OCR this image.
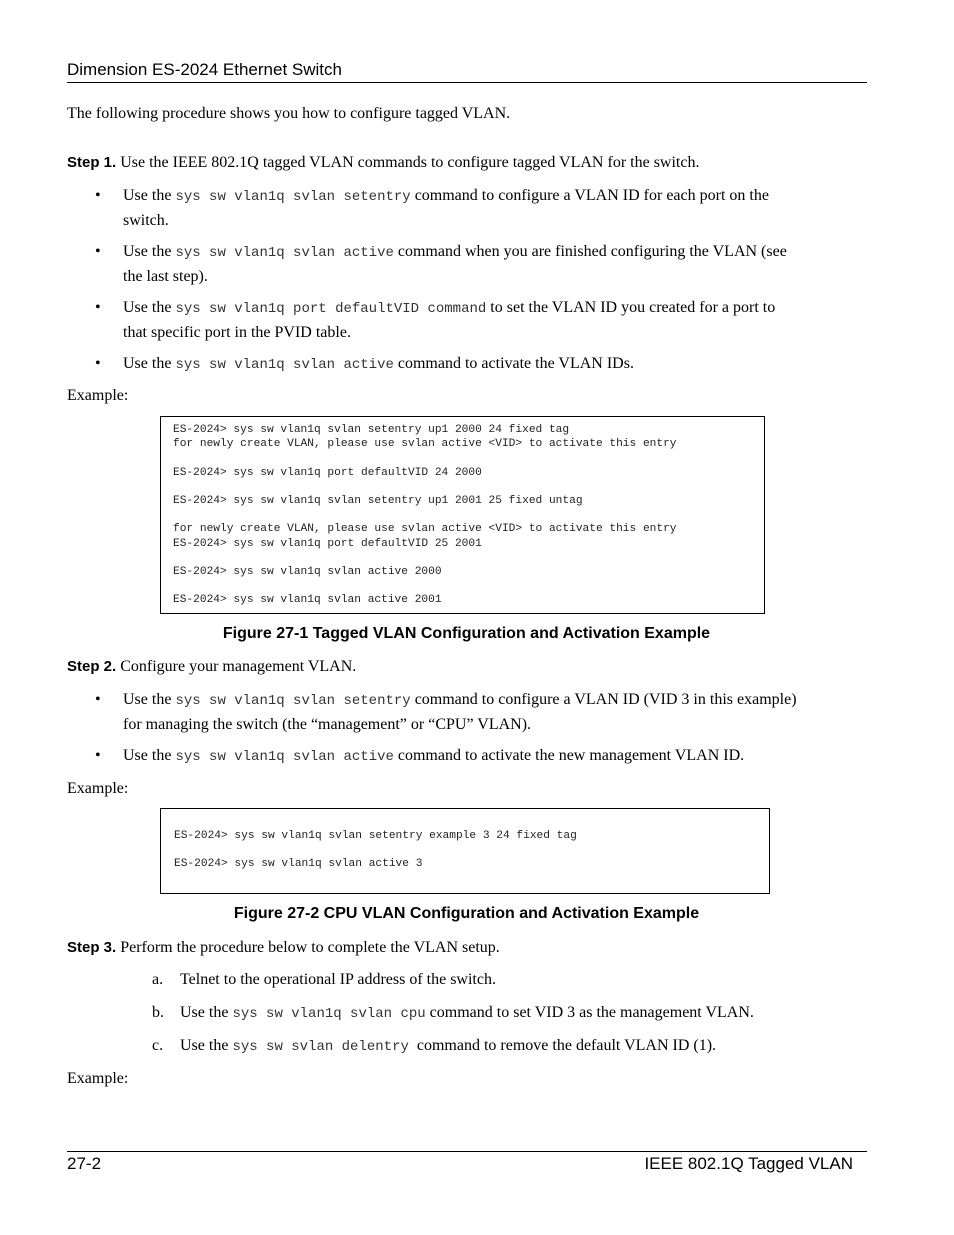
Dimension ES-2024 Ethernet Switch
The following procedure shows you how to configure tagged VLAN.
Step 1. Use the IEEE 802.1Q tagged VLAN commands to configure tagged VLAN for the switch.
• Use the sys sw vlan1q svlan setentry command to configure a VLAN ID for each port on the
switch.
• Use the sys sw vlan1q svlan active command when you are finished configuring the VLAN (see
the last step).
• Use the sys sw vlan1q port defaultVID command to set the VLAN ID you created for a port to
that specific port in the PVID table.
• Use the sys sw vlan1q svlan active command to activate the VLAN IDs.
Example:
ES-2024> sys sw vlan1q svlan setentry up1 2000 24 fixed tag
for newly create VLAN, please use svlan active <VID> to activate this entry

ES-2024> sys sw vlan1q port defaultVID 24 2000

ES-2024> sys sw vlan1q svlan setentry up1 2001 25 fixed untag

for newly create VLAN, please use svlan active <VID> to activate this entry
ES-2024> sys sw vlan1q port defaultVID 25 2001

ES-2024> sys sw vlan1q svlan active 2000

ES-2024> sys sw vlan1q svlan active 2001
Figure 27-1 Tagged VLAN Configuration and Activation Example
Step 2. Configure your management VLAN.
• Use the sys sw vlan1q svlan setentry command to configure a VLAN ID (VID 3 in this example)
for managing the switch (the “management” or “CPU” VLAN).
• Use the sys sw vlan1q svlan active command to activate the new management VLAN ID.
Example:
ES-2024> sys sw vlan1q svlan setentry example 3 24 fixed tag

ES-2024> sys sw vlan1q svlan active 3
Figure 27-2 CPU VLAN Configuration and Activation Example
Step 3. Perform the procedure below to complete the VLAN setup.
a. Telnet to the operational IP address of the switch.
b. Use the sys sw vlan1q svlan cpu command to set VID 3 as the management VLAN.
c. Use the sys sw svlan delentry  command to remove the default VLAN ID (1).
Example:
27-2	IEEE 802.1Q Tagged VLAN
